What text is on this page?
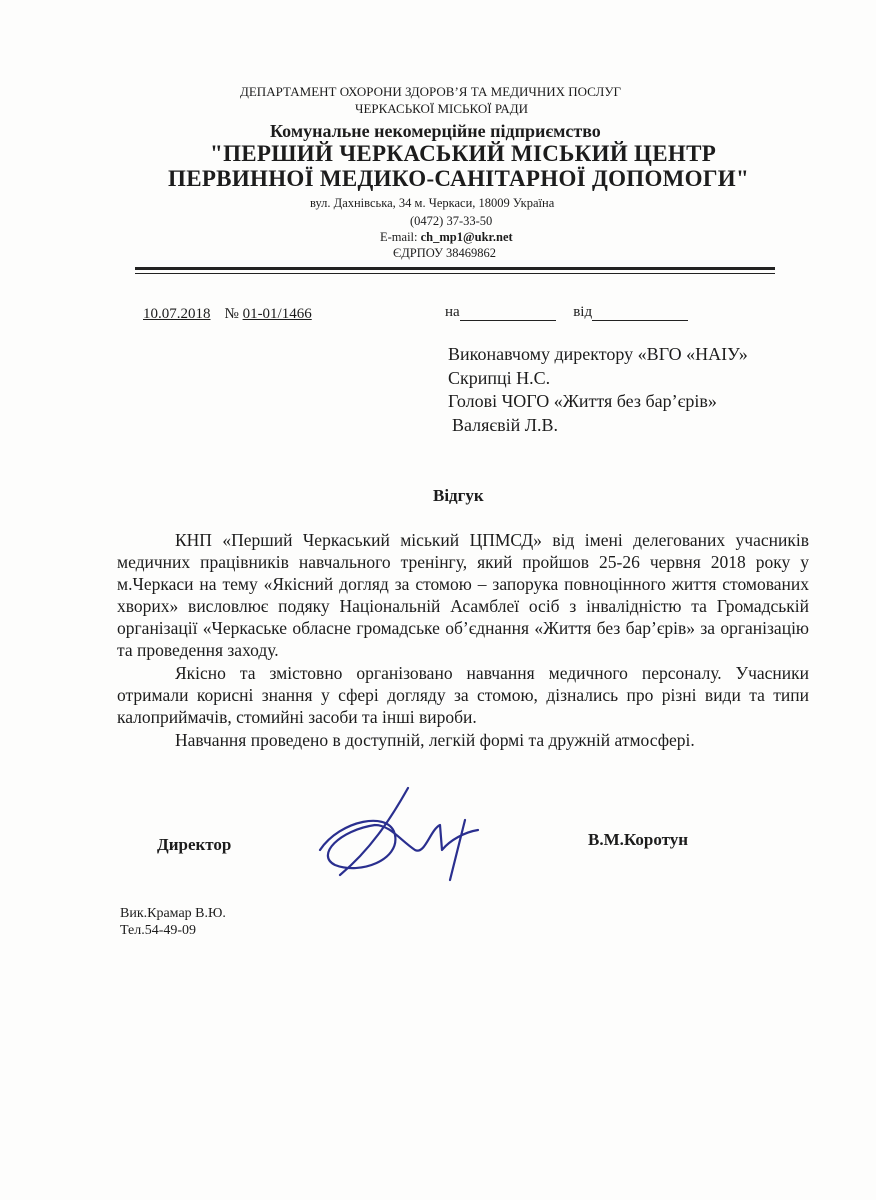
ДЕПАРТАМЕНТ ОХОРОНИ ЗДОРОВ’Я ТА МЕДИЧНИХ ПОСЛУГ
ЧЕРКАСЬКОЇ МІСЬКОЇ РАДИ
Комунальне некомерційне підприємство
"ПЕРШИЙ ЧЕРКАСЬКИЙ МІСЬКИЙ ЦЕНТР
ПЕРВИННОЇ МЕДИКО-САНІТАРНОЇ ДОПОМОГИ"
вул. Дахнівська, 34 м. Черкаси, 18009 Україна
(0472) 37-33-50
E-mail: ch_mp1@ukr.net
ЄДРПОУ 38469862
10.07.2018 № 01-01/1466	на	від
Виконавчому директору «ВГО «НАІУ»
Скрипці Н.С.
Голові ЧОГО «Життя без бар’єрів»
Валяєвій Л.В.
Відгук

КНП «Перший Черкаський міський ЦПМСД» від імені делегованих учасників медичних працівників навчального тренінгу, який пройшов 25-26 червня 2018 року у м.Черкаси на тему «Якісний догляд за стомою – запорука повноцінного життя стомованих хворих» висловлює подяку Національній Асамблеї осіб з інвалідністю та Громадській організації «Черкаське обласне громадське об’єднання «Життя без бар’єрів» за організацію та проведення заходу.

Якісно та змістовно організовано навчання медичного персоналу. Учасники отримали корисні знання у сфері догляду за стомою, дізнались про різні види та типи калоприймачів, стомийні засоби та інші вироби.

Навчання проведено в доступній, легкій формі та дружній атмосфері.

Директор	В.М.Коротун
Вик.Крамар В.Ю.
Тел.54-49-09
